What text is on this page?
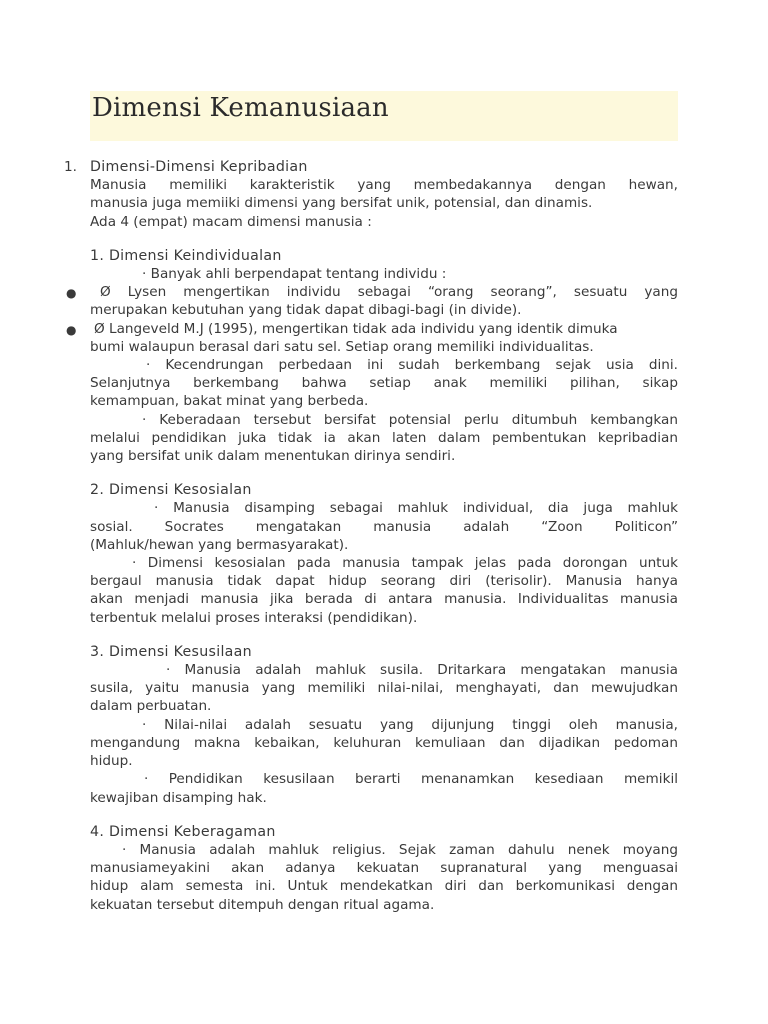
Dimensi Kemanusiaan
1. Dimensi-Dimensi Kepribadian

Manusia memiliki karakteristik yang membedakannya dengan hewan,

manusia juga memiiki dimensi yang bersifat unik, potensial, dan dinamis.

Ada 4 (empat) macam dimensi manusia :

1. Dimensi Keindividualan

· Banyak ahli berpendapat tentang individu :

●	Ø Lysen mengertikan individu sebagai “orang seorang”, sesuatu yang

merupakan kebutuhan yang tidak dapat dibagi-bagi (in divide).

● Ø Langeveld M.J (1995), mengertikan tidak ada individu yang identik dimuka

bumi walaupun berasal dari satu sel. Setiap orang memiliki individualitas.

· Kecendrungan perbedaan ini sudah berkembang sejak usia dini.

Selanjutnya berkembang bahwa setiap anak memiliki pilihan, sikap

kemampuan, bakat minat yang berbeda.

· Keberadaan tersebut bersifat potensial perlu ditumbuh kembangkan

melalui pendidikan juka tidak ia akan laten dalam pembentukan kepribadian

yang bersifat unik dalam menentukan dirinya sendiri.

2. Dimensi Kesosialan

· Manusia disamping sebagai mahluk individual, dia juga mahluk

sosial. Socrates mengatakan manusia adalah “Zoon Politicon”

(Mahluk/hewan yang bermasyarakat).

· Dimensi kesosialan pada manusia tampak jelas pada dorongan untuk

bergaul manusia tidak dapat hidup seorang diri (terisolir). Manusia hanya

akan menjadi manusia jika berada di antara manusia. Individualitas manusia

terbentuk melalui proses interaksi (pendidikan).

3. Dimensi Kesusilaan

· Manusia adalah mahluk susila. Dritarkara mengatakan manusia

susila, yaitu manusia yang memiliki nilai-nilai, menghayati, dan mewujudkan

dalam perbuatan.

· Nilai-nilai adalah sesuatu yang dijunjung tinggi oleh manusia,

mengandung makna kebaikan, keluhuran kemuliaan dan dijadikan pedoman

hidup.

· Pendidikan kesusilaan berarti menanamkan kesediaan memikil

kewajiban disamping hak.

4. Dimensi Keberagaman

· Manusia adalah mahluk religius. Sejak zaman dahulu nenek moyang

manusiameyakini akan adanya kekuatan supranatural yang menguasai

hidup alam semesta ini. Untuk mendekatkan diri dan berkomunikasi dengan

kekuatan tersebut ditempuh dengan ritual agama.
